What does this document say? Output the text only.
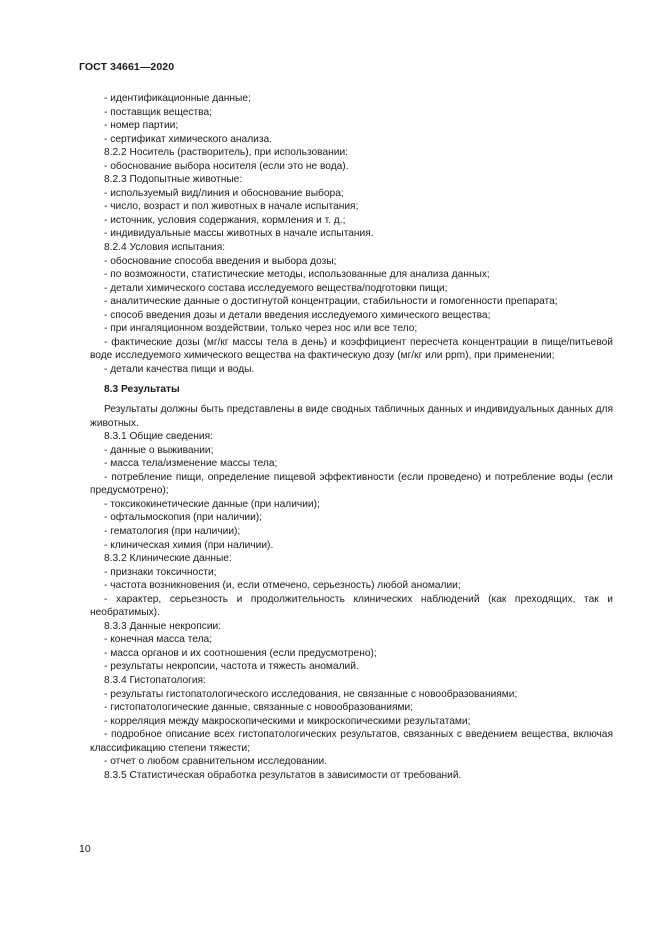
ГОСТ 34661—2020
- идентификационные данные;
- поставщик вещества;
- номер партии;
- сертификат химического анализа.
8.2.2 Носитель (растворитель), при использовании:
- обоснование выбора носителя (если это не вода).
8.2.3 Подопытные животные:
- используемый вид/линия и обоснование выбора;
- число, возраст и пол животных в начале испытания;
- источник, условия содержания, кормления и т. д.;
- индивидуальные массы животных в начале испытания.
8.2.4 Условия испытания:
- обоснование способа введения и выбора дозы;
- по возможности, статистические методы, использованные для анализа данных;
- детали химического состава исследуемого вещества/подготовки пищи;
- аналитические данные о достигнутой концентрации, стабильности и гомогенности препарата;
- способ введения дозы и детали введения исследуемого химического вещества;
- при ингаляционном воздействии, только через нос или все тело;

- фактические дозы (мг/кг массы тела в день) и коэффициент пересчета концентрации в пище/питьевой воде исследуемого химического вещества на фактическую дозу (мг/кг или ppm), при применении;

- детали качества пищи и воды.
8.3 Результаты

Результаты должны быть представлены в виде сводных табличных данных и индивидуальных данных для животных.

8.3.1 Общие сведения:
- данные о выживании;
- масса тела/изменение массы тела;

- потребление пищи, определение пищевой эффективности (если проведено) и потребление воды (если предусмотрено);

- токсикокинетические данные (при наличии);
- офтальмоскопия (при наличии);
- гематология (при наличии);
- клиническая химия (при наличии).
8.3.2 Клинические данные:
- признаки токсичности;
- частота возникновения (и, если отмечено, серьезность) любой аномалии;

- характер, серьезность и продолжительность клинических наблюдений (как преходящих, так и необратимых).

8.3.3 Данные некропсии:
- конечная масса тела;
- масса органов и их соотношения (если предусмотрено);
- результаты некропсии, частота и тяжесть аномалий.
8.3.4 Гистопатология:
- результаты гистопатологического исследования, не связанные с новообразованиями;
- гистопатологические данные, связанные с новообразованиями;
- корреляция между макроскопическими и микроскопическими результатами;

- подробное описание всех гистопатологических результатов, связанных с введением вещества, включая классификацию степени тяжести;

- отчет о любом сравнительном исследовании.
8.3.5 Статистическая обработка результатов в зависимости от требований.
10
